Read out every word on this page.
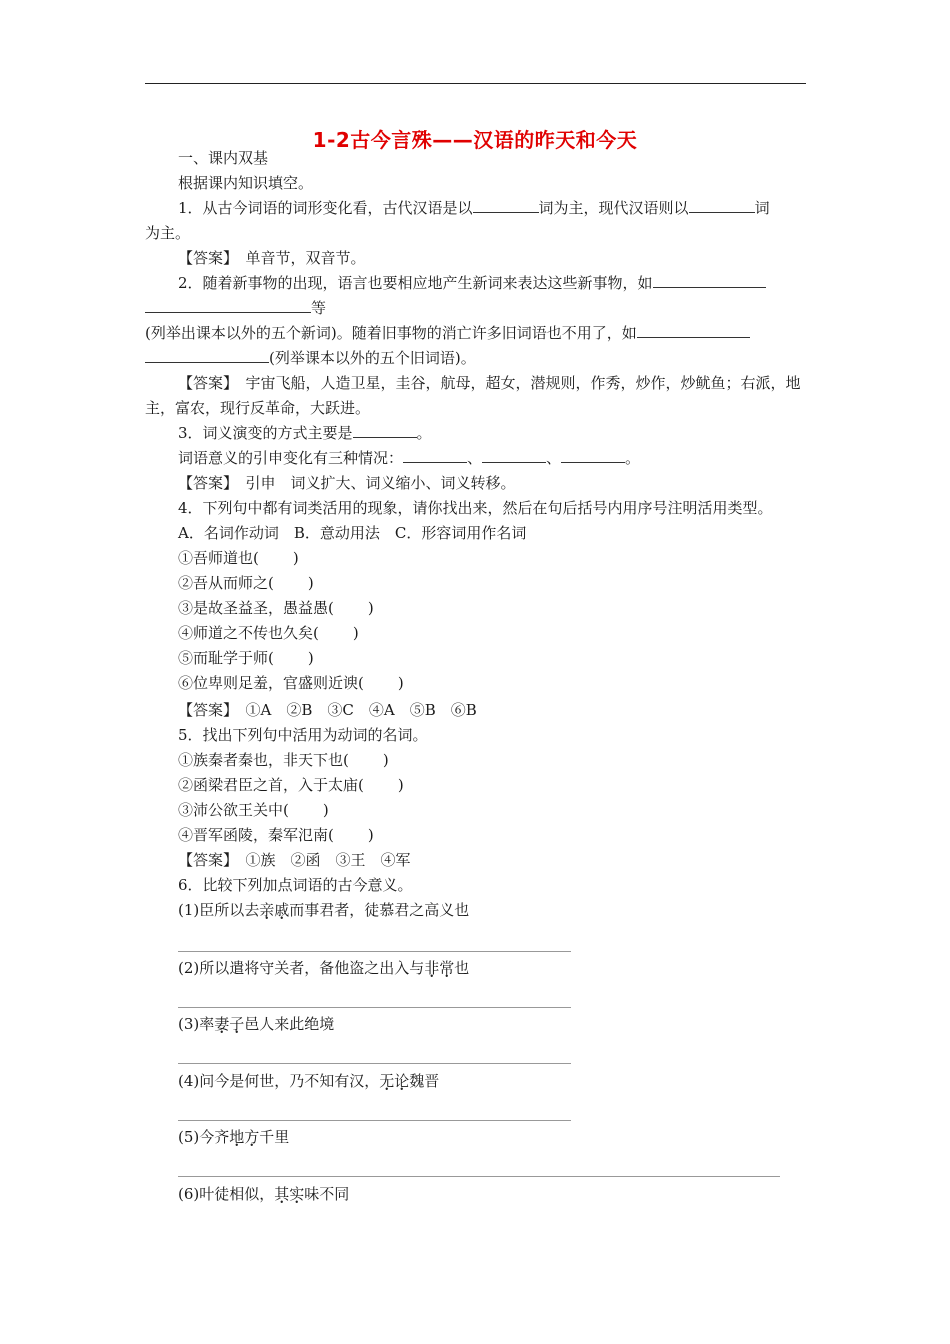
1-2古今言殊——汉语的昨天和今天
一、课内双基
根据课内知识填空。
1．从古今词语的词形变化看，古代汉语是以	词为主，现代汉语则以	词
为主。
【答案】　 单音节，双音节。
2．随着新事物的出现，语言也要相应地产生新词来表达这些新事物，如
等
(列举出课本以外的五个新词)。随着旧事物的消亡许多旧词语也不用了，如
(列举课本以外的五个旧词语)。
【答案】　 宇宙飞船，人造卫星，圭谷，航母，超女，潜规则，作秀，炒作，炒鱿鱼；右派，地
主，富农，现行反革命，大跃进。
3．词义演变的方式主要是	。
词语意义的引申变化有三种情况：	、	、	。
【答案】　 引申　词义扩大、词义缩小、词义转移。
4．下列句中都有词类活用的现象，请你找出来，然后在句后括号内用序号注明活用类型。
A．名词作动词　B．意动用法　C．形容词用作名词
①吾师道也( )
②吾从而师之( )
③是故圣益圣，愚益愚( )
④师道之不传也久矣( )
⑤而耻学于师( )
⑥位卑则足羞，官盛则近谀( )
【答案】　 ①A　②B　③C　④A　⑤B　⑥B
5．找出下列句中活用为动词的名词。
①族秦者秦也，非天下也( )
②函梁君臣之首，入于太庙( )
③沛公欲王关中( )
④晋军函陵，秦军氾南( )
【答案】　 ①族　②函　③王　④军
6．比较下列加点词语的古今意义。
(1)臣所以去亲戚而事君者，徒慕君之高义也
(2)所以遣将守关者，备他盗之出入与非常也
(3)率妻子邑人来此绝境
(4)问今是何世，乃不知有汉，无论魏晋
(5)今齐地方千里
(6)叶徒相似，其实味不同
